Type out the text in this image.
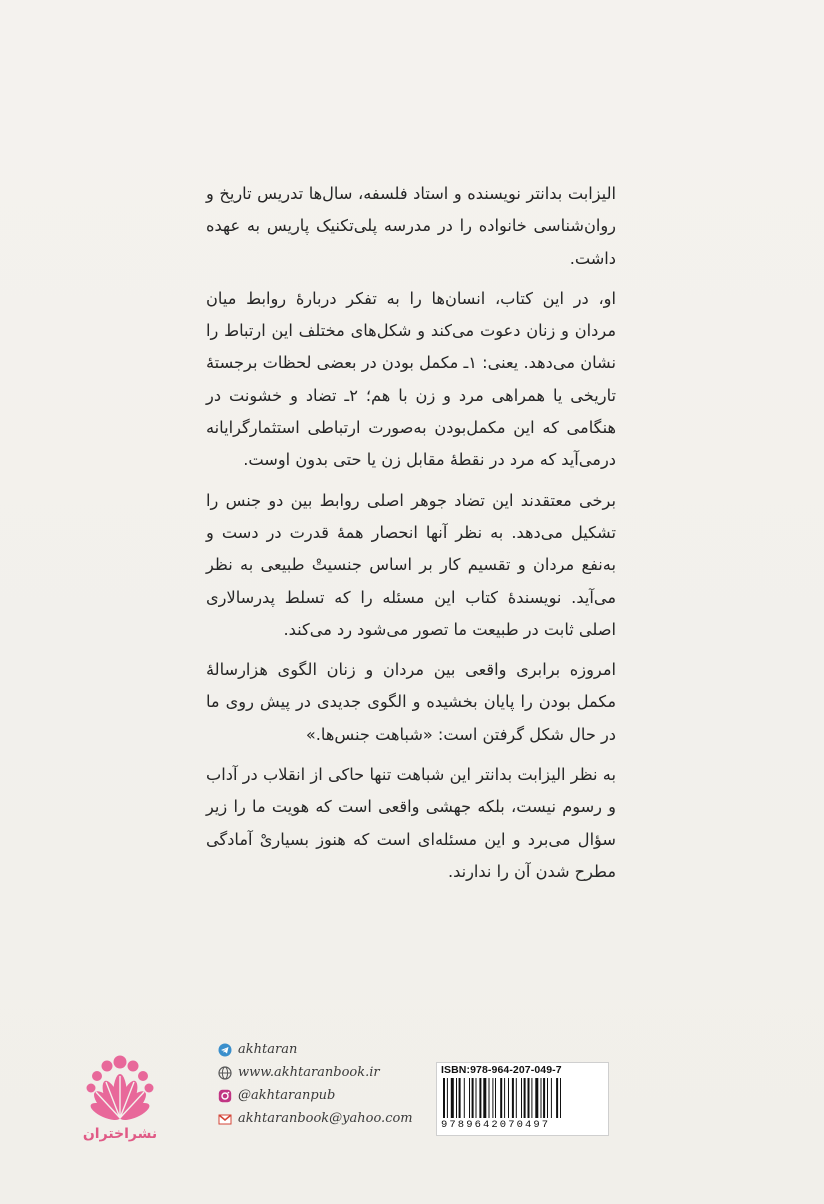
الیزابت بدانتر نویسنده و استاد فلسفه، سال‌ها تدریس تاریخ و روان‌شناسی خانواده را در مدرسه پلی‌تکنیک پاریس به عهده داشت.

او، در این کتاب، انسان‌ها را به تفکر دربارهٔ روابط میان مردان و زنان دعوت می‌کند و شکل‌های مختلف این ارتباط را نشان می‌دهد. یعنی: ۱ـ مکمل بودن در بعضی لحظات برجستهٔ تاریخی یا همراهی مرد و زن با هم؛ ۲ـ تضاد و خشونت در هنگامی که این مکمل‌بودن به‌صورت ارتباطی استثمارگرایانه درمی‌آید که مرد در نقطهٔ مقابل زن یا حتی بدون اوست.

برخی معتقدند این تضاد جوهر اصلی روابط بین دو جنس را تشکیل می‌دهد. به نظر آنها انحصار همهٔ قدرت در دست و به‌نفع مردان و تقسیم کار بر اساس جنسیتْ طبیعی به نظر می‌آید. نویسندهٔ کتاب این مسئله را که تسلط پدرسالاری اصلی ثابت در طبیعت ما تصور می‌شود رد می‌کند.

امروزه برابری واقعی بین مردان و زنان الگوی هزارسالهٔ مکمل بودن را پایان بخشیده و الگوی جدیدی در پیش روی ما در حال شکل گرفتن است: «شباهت جنس‌ها.»

به نظر الیزابت بدانتر این شباهت تنها حاکی از انقلاب در آداب و رسوم نیست، بلکه جهشی واقعی است که هویت ما را زیر سؤال می‌برد و این مسئله‌ای است که هنوز بسیاریْ آمادگی مطرح شدن آن را ندارند.

نشراختران
akhtaran
www.akhtaranbook.ir
@akhtaranpub
akhtaranbook@yahoo.com
ISBN:978-964-207-049-7
9789642070497
